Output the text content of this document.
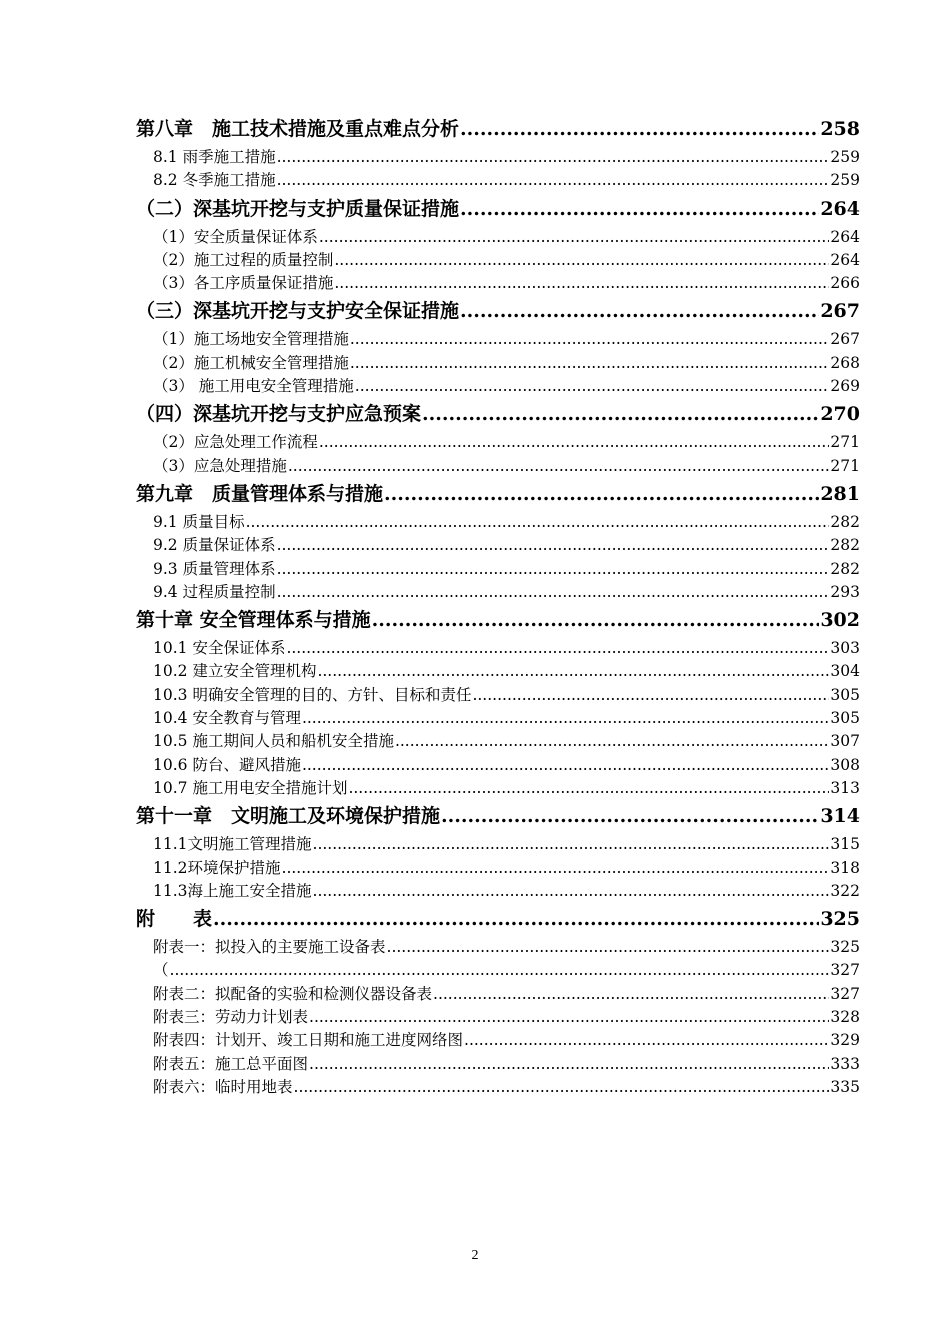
第八章　施工技术措施及重点难点分析 .....	258
8.1 雨季施工措施 .....	259
8.2 冬季施工措施 .....	259
（二）深基坑开挖与支护质量保证措施 .....	264
（1）安全质量保证体系 .....	264
（2）施工过程的质量控制 .....	264
（3）各工序质量保证措施 .....	266
（三）深基坑开挖与支护安全保证措施 .....	267
（1）施工场地安全管理措施 .....	267
（2）施工机械安全管理措施 .....	268
（3） 施工用电安全管理措施 .....	269
（四）深基坑开挖与支护应急预案 .....	270
（2）应急处理工作流程 .....	271
（3）应急处理措施 .....	271
第九章　质量管理体系与措施 .....	281
9.1 质量目标 .....	282
9.2 质量保证体系 .....	282
9.3 质量管理体系 .....	282
9.4 过程质量控制 .....	293
第十章 安全管理体系与措施 .....	302
10.1 安全保证体系 .....	303
10.2 建立安全管理机构 .....	304
10.3 明确安全管理的目的、方针、目标和责任 .....	305
10.4 安全教育与管理 .....	305
10.5 施工期间人员和船机安全措施 .....	307
10.6 防台、避风措施 .....	308
10.7 施工用电安全措施计划 .....	313
第十一章　文明施工及环境保护措施 .....	314
11.1文明施工管理措施 .....	315
11.2环境保护措施 .....	318
11.3海上施工安全措施 .....	322
附　　表 .....	325
附表一：拟投入的主要施工设备表 .....	325
（ .....	327
附表二：拟配备的实验和检测仪器设备表 .....	327
附表三：劳动力计划表 .....	328
附表四：计划开、竣工日期和施工进度网络图 .....	329
附表五：施工总平面图 .....	333
附表六：临时用地表 .....	335
2
